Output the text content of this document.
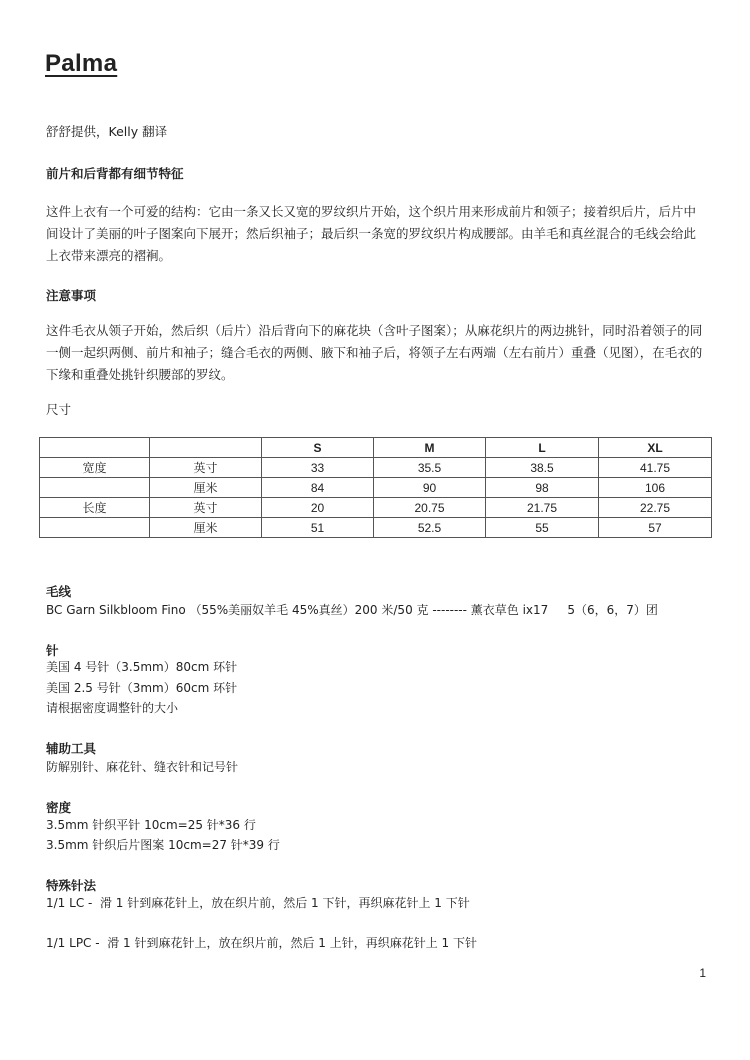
Palma
舒舒提供，Kelly 翻译
前片和后背都有细节特征
这件上衣有一个可爱的结构：它由一条又长又宽的罗纹织片开始，这个织片用来形成前片和领子；接着织后片，后片中间设计了美丽的叶子图案向下展开；然后织袖子；最后织一条宽的罗纹织片构成腰部。由羊毛和真丝混合的毛线会给此上衣带来漂亮的褶裥。
注意事项
这件毛衣从领子开始，然后织（后片）沿后背向下的麻花块（含叶子图案）；从麻花织片的两边挑针，同时沿着领子的同一侧一起织两侧、前片和袖子；缝合毛衣的两侧、腋下和袖子后，将领子左右两端（左右前片）重叠（见图），在毛衣的下缘和重叠处挑针织腰部的罗纹。
尺寸
		S	M	L	XL
宽度	英寸	33	35.5	38.5	41.75
	厘米	84	90	98	106
长度	英寸	20	20.75	21.75	22.75
	厘米	51	52.5	55	57
毛线
BC Garn Silkbloom Fino （55%美丽奴羊毛 45%真丝）200 米/50 克 -------- 薰衣草色 ix17     5（6，6，7）团
针
美国 4 号针（3.5mm）80cm 环针
美国 2.5 号针（3mm）60cm 环针
请根据密度调整针的大小
辅助工具
防解别针、麻花针、缝衣针和记号针
密度
3.5mm 针织平针 10cm=25 针*36 行
3.5mm 针织后片图案 10cm=27 针*39 行
特殊针法
1/1 LC -  滑 1 针到麻花针上，放在织片前，然后 1 下针，再织麻花针上 1 下针
1/1 LPC -  滑 1 针到麻花针上，放在织片前，然后 1 上针，再织麻花针上 1 下针
1
